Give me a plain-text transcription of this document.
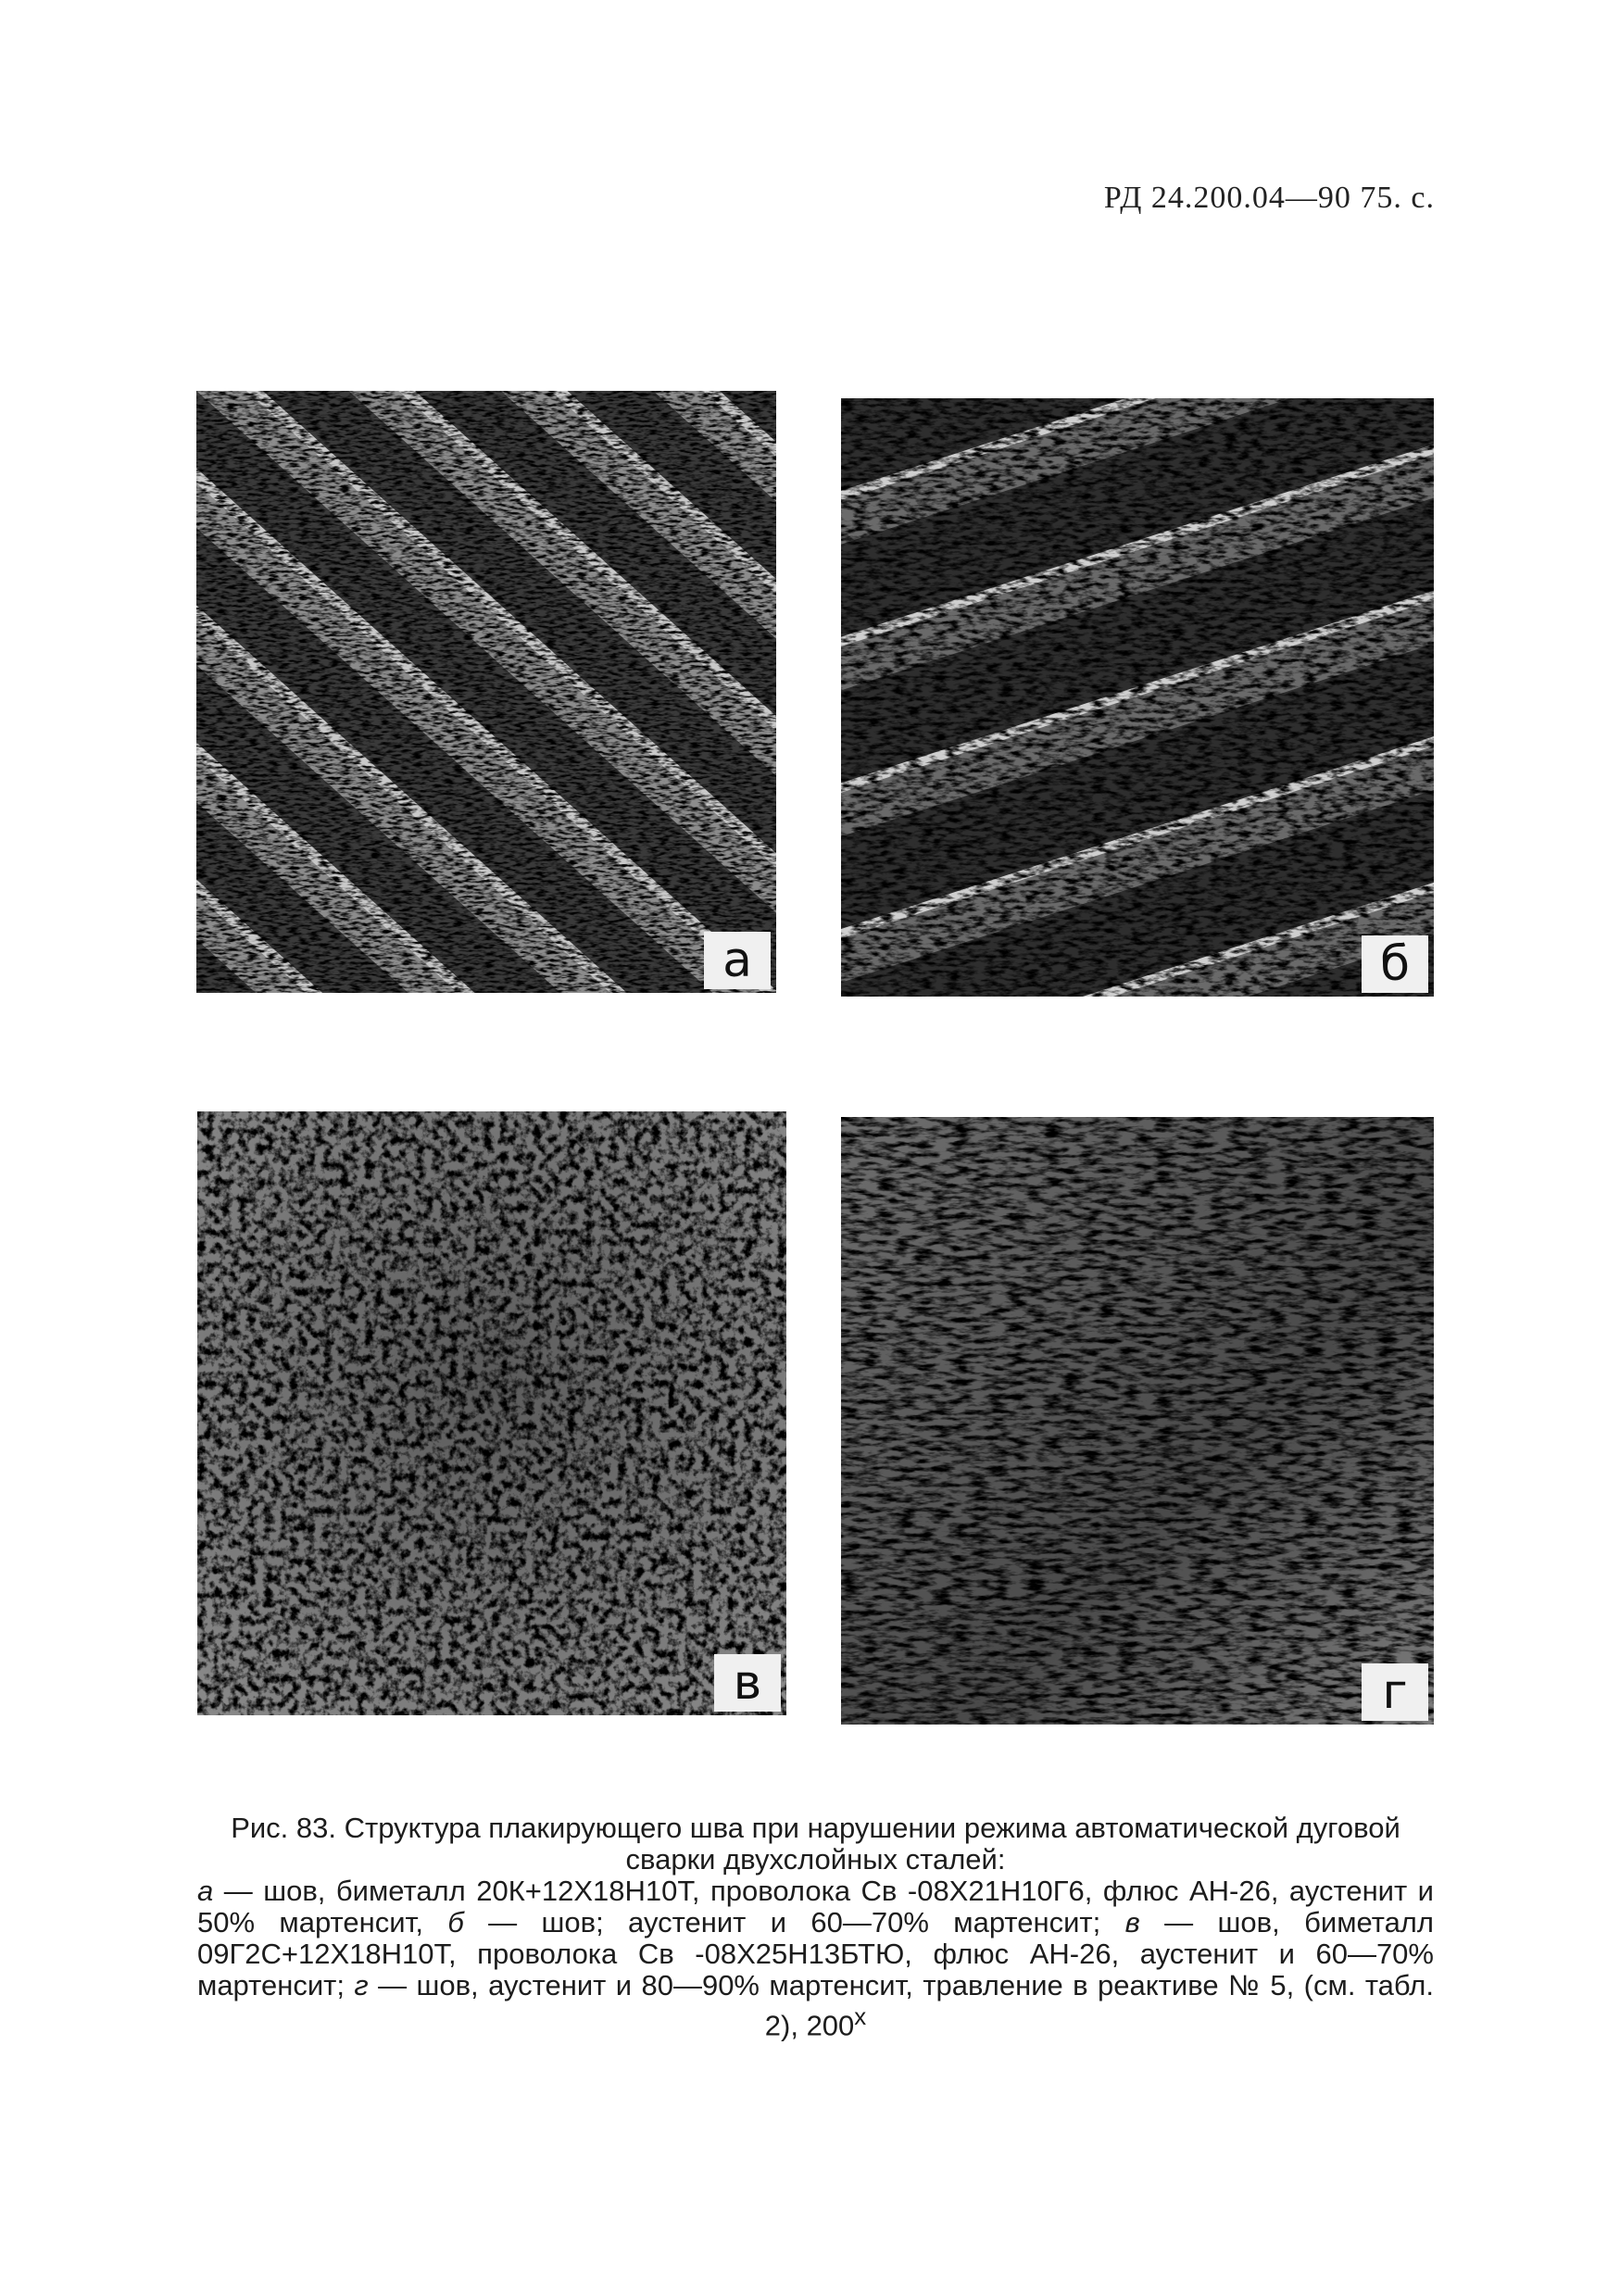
РД 24.200.04—90 75. с.
а	б
в	г

Рис. 83. Структура плакирующего шва при нарушении режима автоматической дуговой сварки двухслойных сталей:

а — шов, биметалл 20К+12Х18Н10Т, проволока Св -08Х21Н10Г6, флюс АН-26, аустенит и 50% мартенсит, б — шов; аустенит и 60—70% мартенсит; в — шов, биметалл 09Г2С+12Х18Н10Т, проволока Св -08Х25Н13БТЮ, флюс АН-26, аустенит и 60—70% мартенсит; г — шов, аустенит и 80—90% мартенсит, травление в реактиве № 5, (см. табл. 2), $200^х$
